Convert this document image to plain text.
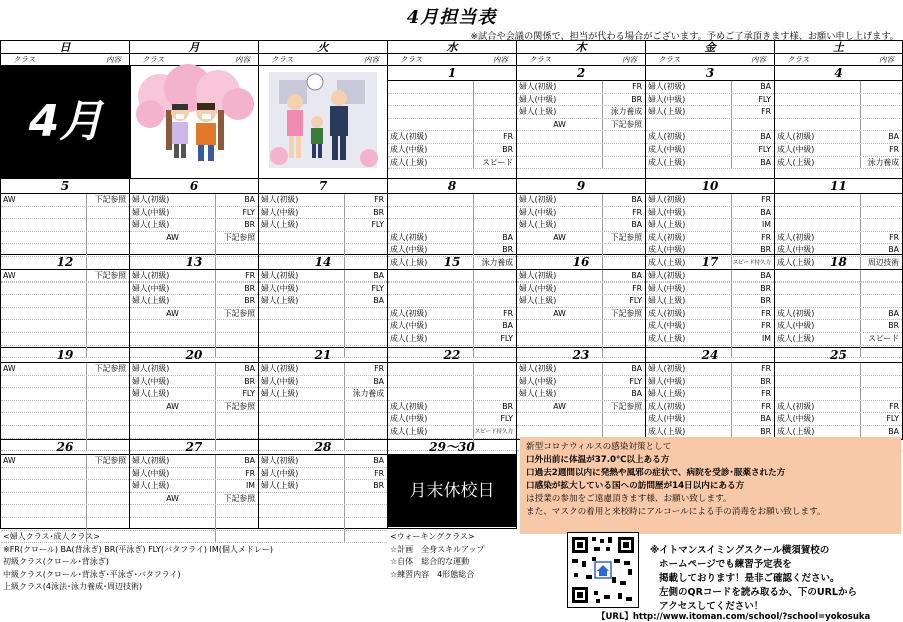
4月担当表
※試合や会議の関係で、担当が代わる場合がございます。予めご了承頂きます様、お願い申し上げます。
日
クラス	内容
月
クラス	内容
火
クラス	内容
水
クラス	内容
木
クラス	内容
金
クラス	内容
土
クラス	内容
4月
1
成人(初級)	FR
成人(中級)	BR
成人(上級)	スピード
2
婦人(初級)	FR
婦人(中級)	BR
婦人(上級)	泳力養成
AW	下記参照
3
婦人(初級)	BA
婦人(中級)	FLY
婦人(上級)	FR
成人(初級)	BA
成人(中級)	FLY
成人(上級)	BA
4
成人(初級)	BA
成人(中級)	FR
成人(上級)	泳力養成
5
AW	下記参照
6
婦人(初級)	BA
婦人(中級)	FLY
婦人(上級)	BR
AW	下記参照
7
婦人(初級)	FR
婦人(中級)	BR
婦人(上級)	FLY
8
成人(初級)	BA
成人(中級)	BR
成人(上級)	泳力養成
9
婦人(初級)	BA
婦人(中級)	FR
婦人(上級)	BA
AW	下記参照
10
婦人(初級)	FR
婦人(中級)	BA
婦人(上級)	IM
成人(初級)	FR
成人(中級)	BR
成人(上級)	スピード持久力
11
成人(初級)	FR
成人(中級)	BA
成人(上級)	周辺技術
12
AW	下記参照
13
婦人(初級)	FR
婦人(中級)	BR
婦人(上級)	BR
AW	下記参照
14
婦人(初級)	BA
婦人(中級)	FLY
婦人(上級)	BA
15
成人(初級)	FR
成人(中級)	BA
成人(上級)	FLY
16
婦人(初級)	BA
婦人(中級)	FR
婦人(上級)	FLY
AW	下記参照
17
婦人(初級)	BA
婦人(中級)	BR
婦人(上級)	BR
成人(初級)	FR
成人(中級)	FR
成人(上級)	IM
18
成人(初級)	BA
成人(中級)	BR
成人(上級)	スピード
19
AW	下記参照
20
婦人(初級)	BA
婦人(中級)	BR
婦人(上級)	FLY
AW	下記参照
21
婦人(初級)	FR
婦人(中級)	BA
婦人(上級)	泳力養成
22
成人(初級)	BR
成人(中級)	FLY
成人(上級)	スピード持久力
23
婦人(初級)	BA
婦人(中級)	FLY
婦人(上級)	BA
AW	下記参照
24
婦人(初級)	FR
婦人(中級)	BR
婦人(上級)	FR
成人(初級)	FR
成人(中級)	BA
成人(上級)	BR
25
成人(初級)	FR
成人(中級)	FLY
成人(上級)	BA
26
AW	下記参照
27
婦人(初級)	BA
婦人(中級)	FR
婦人(上級)	IM
AW	下記参照
28
婦人(初級)	BA
婦人(中級)	FR
婦人(上級)	BR
29～30
月末休校日
新型コロナウィルスの感染対策として
口外出前に体温が37.0℃以上ある方
口過去2週間以内に発熱や風邪の症状で、病院を受診･服薬された方
口感染が拡大している国への訪問歴が14日以内にある方
は授業の参加をご遠慮頂きます様、お願い致します。
また、マスクの着用と来校時にアルコールによる手の消毒をお願い致します。
<婦人クラス･成人クラス>
※FR(クロール) BA(背泳ぎ) BR(平泳ぎ) FLY(バタフライ) IM(個人メドレー)
初級クラス(クロール･背泳ぎ)
中級クラス(クロール･背泳ぎ･平泳ぎ･バタフライ)
上級クラス(4泳法･泳力養成･周辺技術)
<ウォーキングクラス>
☆計画　全身スキルアップ
☆自体　総合的な運動
☆練習内容　4形態総合
※イトマンスイミングスクール横須賀校の
ホームページでも練習予定表を
掲載しております！是非ご確認ください。
左側のQRコードを読み取るか、下のURLから
アクセスしてください！
【URL】http://www.itoman.com/school/?school=yokosuka
